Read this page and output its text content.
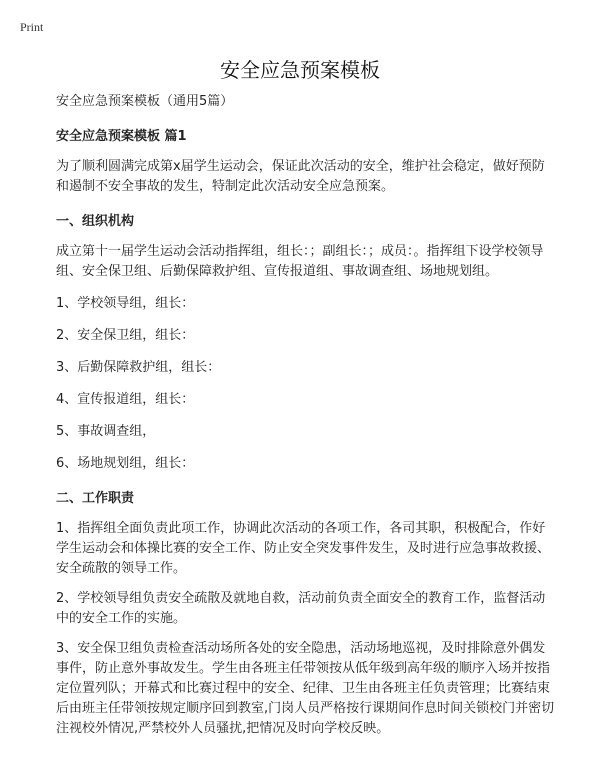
Print
安全应急预案模板

安全应急预案模板（通用5篇）

安全应急预案模板 篇1

为了顺利圆满完成第x届学生运动会，保证此次活动的安全，维护社会稳定，做好预防和遏制不安全事故的发生，特制定此次活动安全应急预案。

一、组织机构

成立第十一届学生运动会活动指挥组，组长：；副组长：；成员：。指挥组下设学校领导组、安全保卫组、后勤保障救护组、宣传报道组、事故调查组、场地规划组。

1、学校领导组，组长：

2、安全保卫组，组长：

3、后勤保障救护组，组长：

4、宣传报道组，组长：

5、事故调查组，

6、场地规划组，组长：

二、工作职责

1、指挥组全面负责此项工作，协调此次活动的各项工作，各司其职，积极配合，作好学生运动会和体操比赛的安全工作、防止安全突发事件发生，及时进行应急事故救援、安全疏散的领导工作。

2、学校领导组负责安全疏散及就地自救，活动前负责全面安全的教育工作，监督活动中的安全工作的实施。

3、安全保卫组负责检查活动场所各处的安全隐患，活动场地巡视，及时排除意外偶发事件，防止意外事故发生。学生由各班主任带领按从低年级到高年级的顺序入场并按指定位置列队；开幕式和比赛过程中的安全、纪律、卫生由各班主任负责管理；比赛结束后由班主任带领按规定顺序回到教室,门岗人员严格按行课期间作息时间关锁校门并密切注视校外情况,严禁校外人员骚扰,把情况及时向学校反映。
